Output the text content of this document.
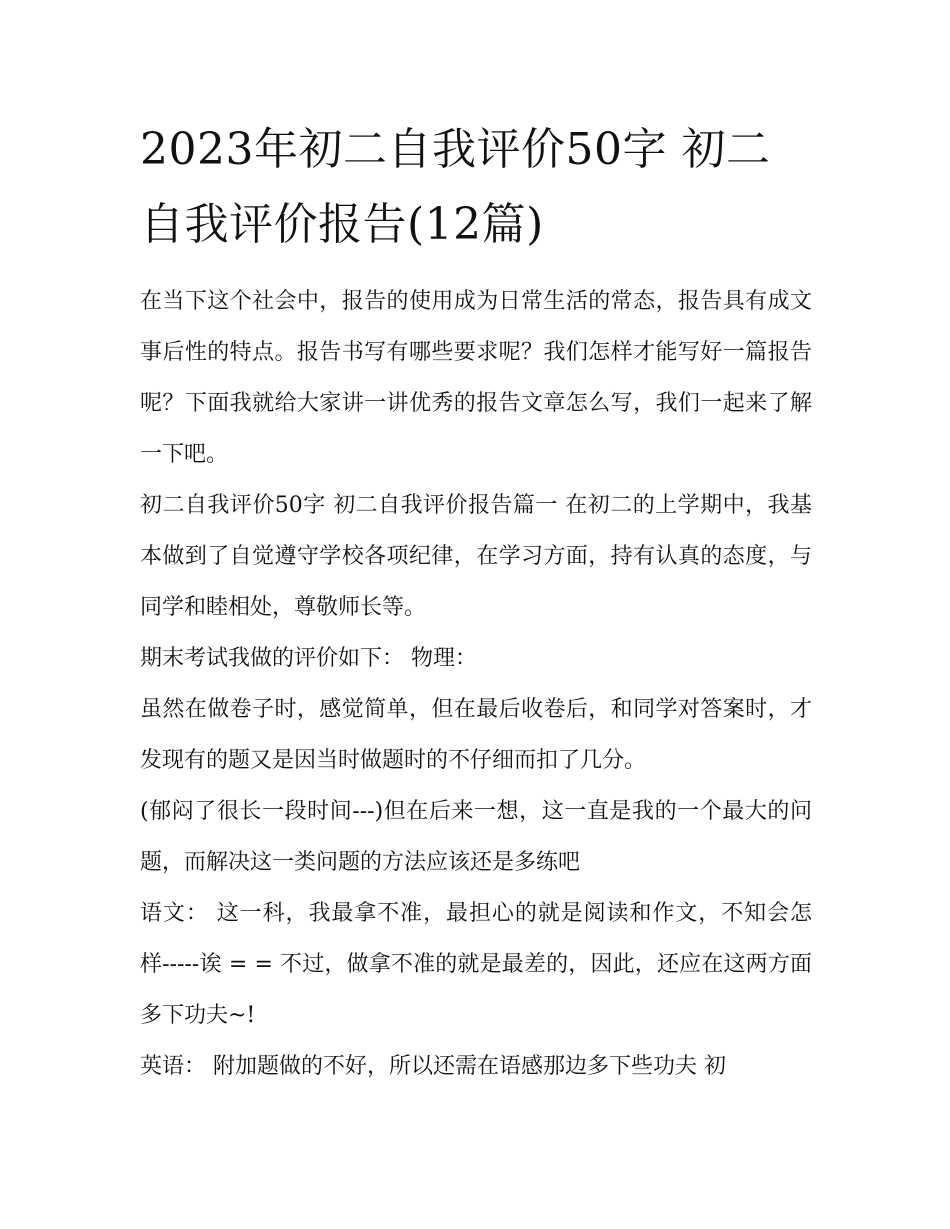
2023年初二自我评价50字 初二自我评价报告(12篇)

在当下这个社会中，报告的使用成为日常生活的常态，报告具有成文事后性的特点。报告书写有哪些要求呢？我们怎样才能写好一篇报告呢？下面我就给大家讲一讲优秀的报告文章怎么写，我们一起来了解一下吧。

初二自我评价50字 初二自我评价报告篇一 在初二的上学期中，我基本做到了自觉遵守学校各项纪律，在学习方面，持有认真的态度，与同学和睦相处，尊敬师长等。

期末考试我做的评价如下： 物理：

虽然在做卷子时，感觉简单，但在最后收卷后，和同学对答案时，才发现有的题又是因当时做题时的不仔细而扣了几分。

(郁闷了很长一段时间---)但在后来一想，这一直是我的一个最大的问题，而解决这一类问题的方法应该还是多练吧

语文： 这一科，我最拿不准，最担心的就是阅读和作文，不知会怎样-----诶 = = 不过，做拿不准的就是最差的，因此，还应在这两方面多下功夫~!

英语： 附加题做的不好，所以还需在语感那边多下些功夫 初
